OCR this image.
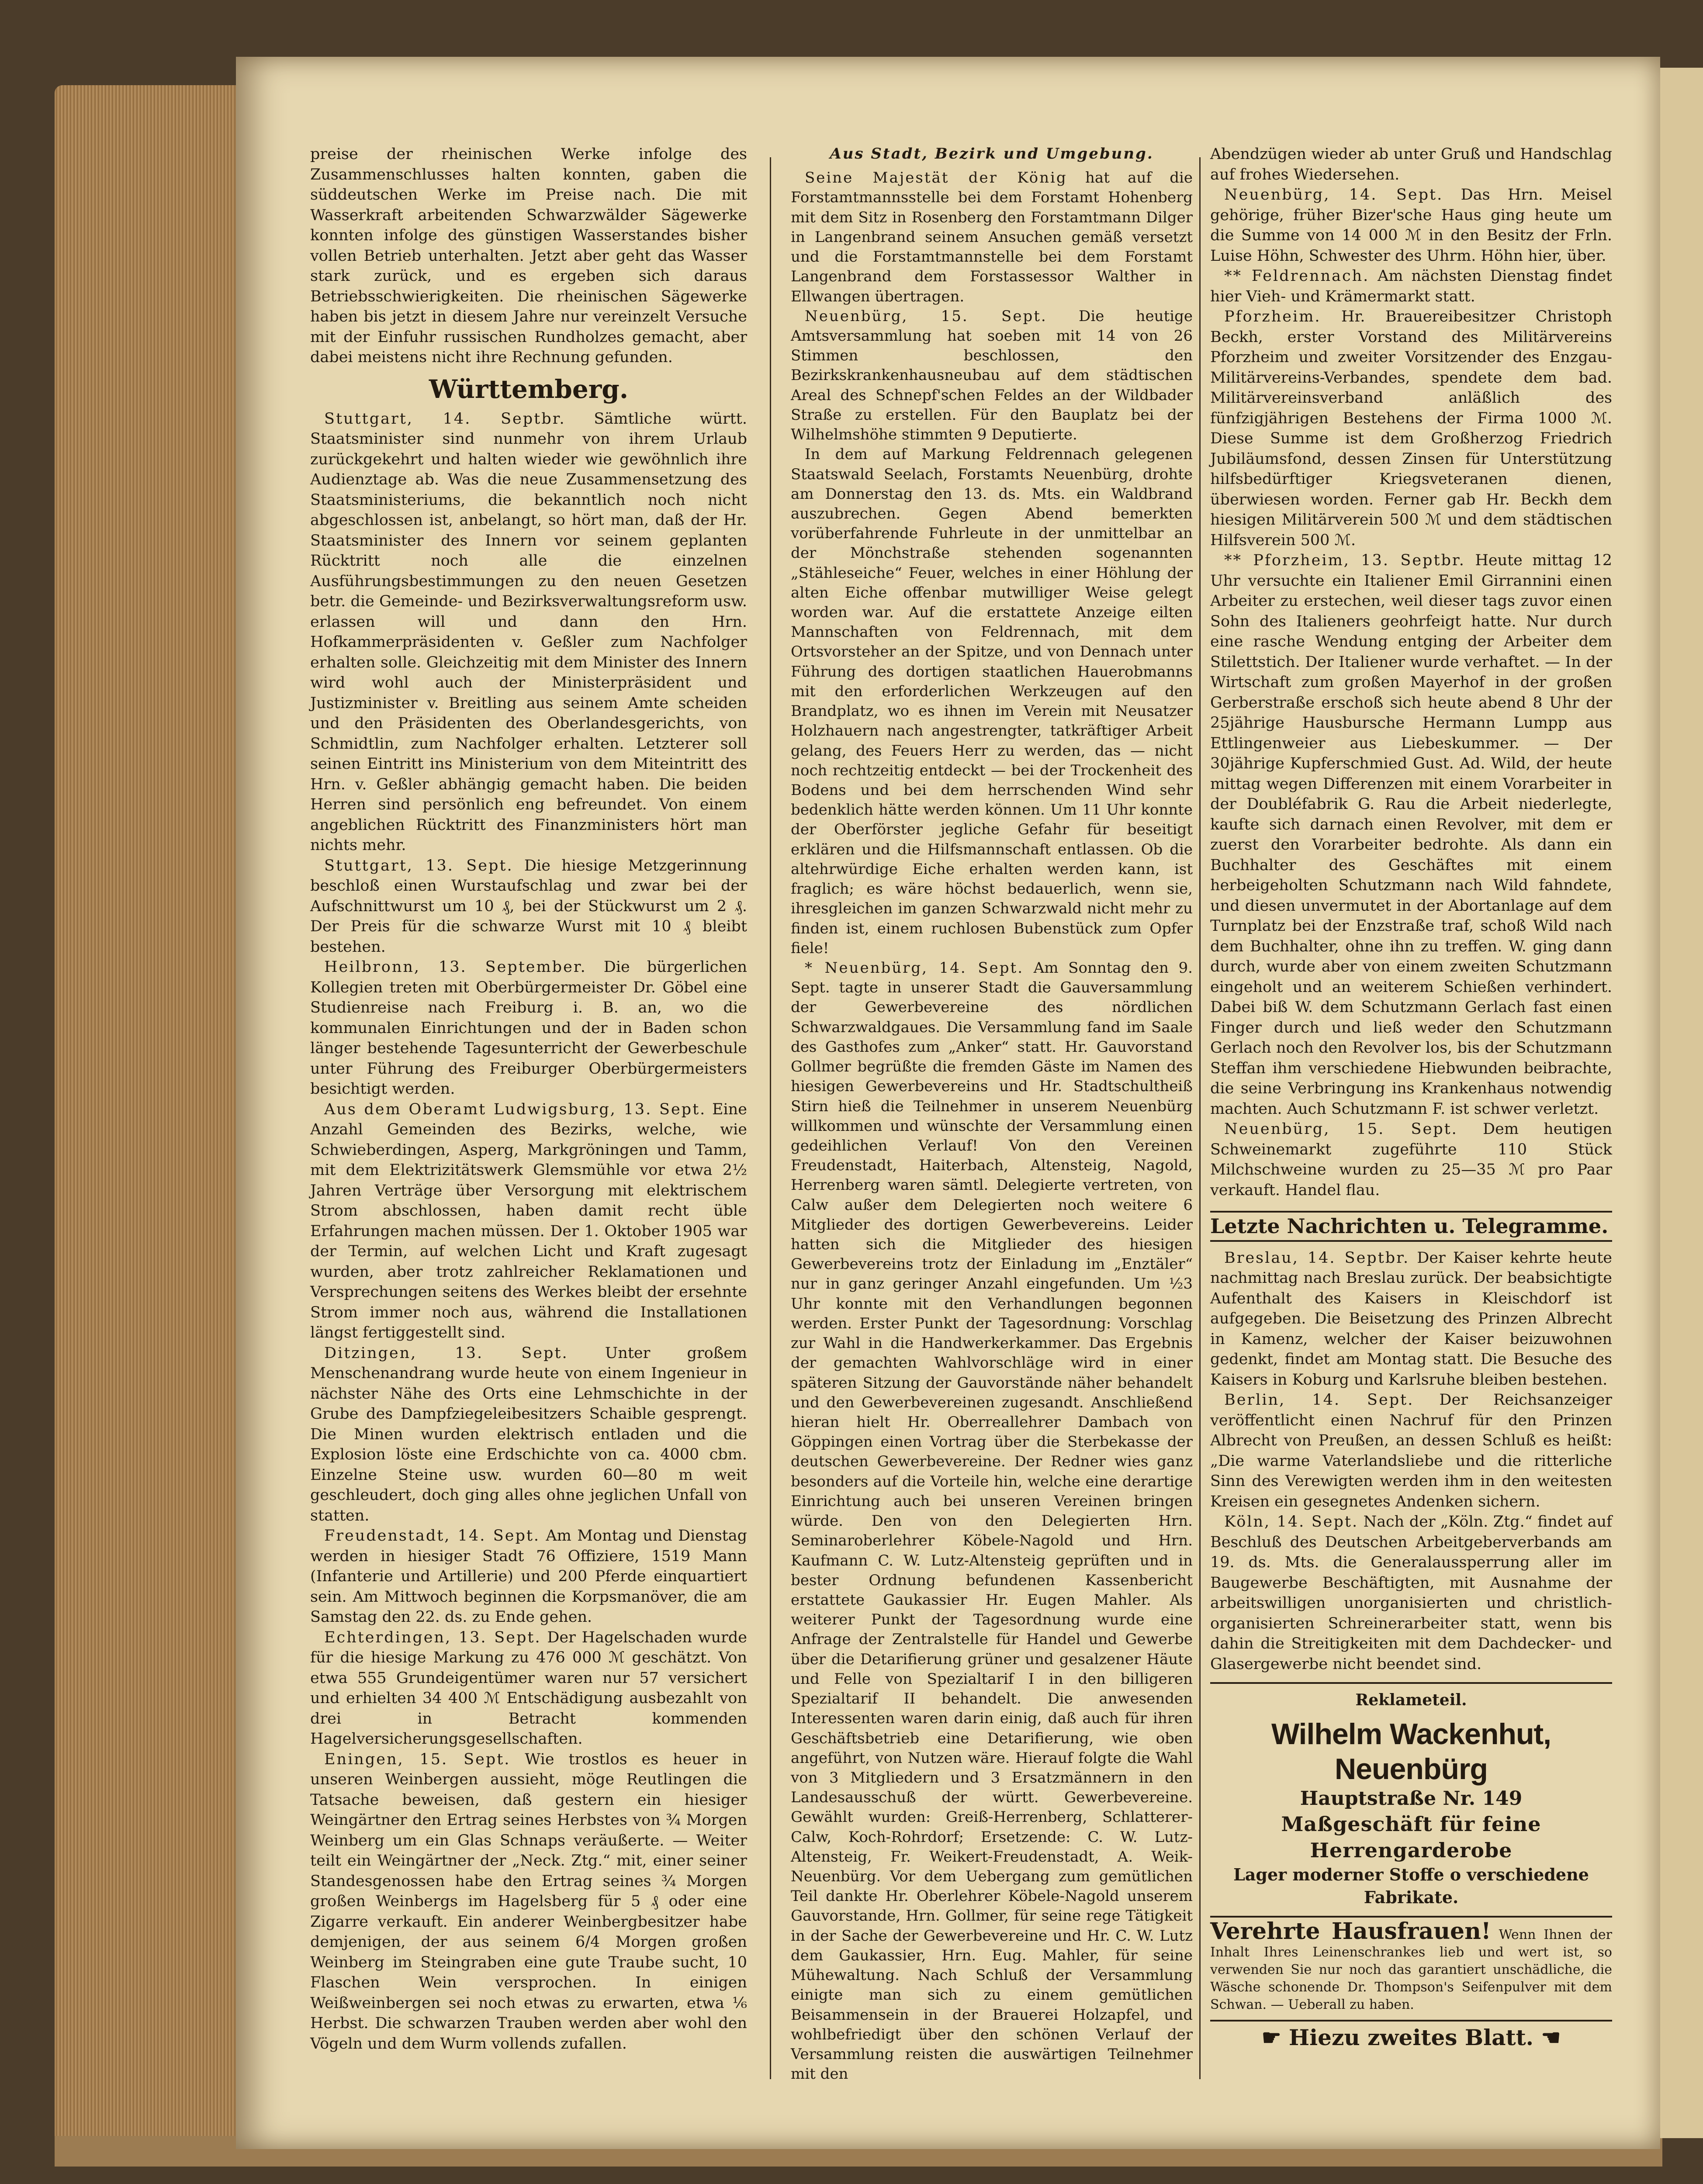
preise der rheinischen Werke infolge des Zusammenschlusses halten konnten, gaben die süddeutschen Werke im Preise nach. Die mit Wasserkraft arbeitenden Schwarzwälder Sägewerke konnten infolge des günstigen Wasserstandes bisher vollen Betrieb unterhalten. Jetzt aber geht das Wasser stark zurück, und es ergeben sich daraus Betriebsschwierigkeiten. Die rheinischen Sägewerke haben bis jetzt in diesem Jahre nur vereinzelt Versuche mit der Einfuhr russischen Rundholzes gemacht, aber dabei meistens nicht ihre Rechnung gefunden.

Württemberg.

Stuttgart, 14. Septbr. Sämtliche württ. Staatsminister sind nunmehr von ihrem Urlaub zurückgekehrt und halten wieder wie gewöhnlich ihre Audienztage ab. Was die neue Zusammensetzung des Staatsministeriums, die bekanntlich noch nicht abgeschlossen ist, anbelangt, so hört man, daß der Hr. Staatsminister des Innern vor seinem geplanten Rücktritt noch alle die einzelnen Ausführungsbestimmungen zu den neuen Gesetzen betr. die Gemeinde- und Bezirksverwaltungsreform usw. erlassen will und dann den Hrn. Hofkammerpräsidenten v. Geßler zum Nachfolger erhalten solle. Gleichzeitig mit dem Minister des Innern wird wohl auch der Ministerpräsident und Justizminister v. Breitling aus seinem Amte scheiden und den Präsidenten des Oberlandesgerichts, von Schmidtlin, zum Nachfolger erhalten. Letzterer soll seinen Eintritt ins Ministerium von dem Miteintritt des Hrn. v. Geßler abhängig gemacht haben. Die beiden Herren sind persönlich eng befreundet. Von einem angeblichen Rücktritt des Finanzministers hört man nichts mehr.

Stuttgart, 13. Sept. Die hiesige Metzgerinnung beschloß einen Wurstaufschlag und zwar bei der Aufschnittwurst um 10 ₰, bei der Stückwurst um 2 ₰. Der Preis für die schwarze Wurst mit 10 ₰ bleibt bestehen.

Heilbronn, 13. September. Die bürgerlichen Kollegien treten mit Oberbürgermeister Dr. Göbel eine Studienreise nach Freiburg i. B. an, wo die kommunalen Einrichtungen und der in Baden schon länger bestehende Tagesunterricht der Gewerbeschule unter Führung des Freiburger Oberbürgermeisters besichtigt werden.

Aus dem Oberamt Ludwigsburg, 13. Sept. Eine Anzahl Gemeinden des Bezirks, welche, wie Schwieberdingen, Asperg, Markgröningen und Tamm, mit dem Elektrizitätswerk Glemsmühle vor etwa 2½ Jahren Verträge über Versorgung mit elektrischem Strom abschlossen, haben damit recht üble Erfahrungen machen müssen. Der 1. Oktober 1905 war der Termin, auf welchen Licht und Kraft zugesagt wurden, aber trotz zahlreicher Reklamationen und Versprechungen seitens des Werkes bleibt der ersehnte Strom immer noch aus, während die Installationen längst fertiggestellt sind.

Ditzingen, 13. Sept. Unter großem Menschenandrang wurde heute von einem Ingenieur in nächster Nähe des Orts eine Lehmschichte in der Grube des Dampfziegeleibesitzers Schaible gesprengt. Die Minen wurden elektrisch entladen und die Explosion löste eine Erdschichte von ca. 4000 cbm. Einzelne Steine usw. wurden 60—80 m weit geschleudert, doch ging alles ohne jeglichen Unfall von statten.

Freudenstadt, 14. Sept. Am Montag und Dienstag werden in hiesiger Stadt 76 Offiziere, 1519 Mann (Infanterie und Artillerie) und 200 Pferde einquartiert sein. Am Mittwoch beginnen die Korpsmanöver, die am Samstag den 22. ds. zu Ende gehen.

Echterdingen, 13. Sept. Der Hagelschaden wurde für die hiesige Markung zu 476 000 ℳ geschätzt. Von etwa 555 Grundeigentümer waren nur 57 versichert und erhielten 34 400 ℳ Entschädigung ausbezahlt von drei in Betracht kommenden Hagelversicherungsgesellschaften.

Eningen, 15. Sept. Wie trostlos es heuer in unseren Weinbergen aussieht, möge Reutlingen die Tatsache beweisen, daß gestern ein hiesiger Weingärtner den Ertrag seines Herbstes von ¾ Morgen Weinberg um ein Glas Schnaps veräußerte. — Weiter teilt ein Weingärtner der „Neck. Ztg.“ mit, einer seiner Standesgenossen habe den Ertrag seines ¾ Morgen großen Weinbergs im Hagelsberg für 5 ₰ oder eine Zigarre verkauft. Ein anderer Weinbergbesitzer habe demjenigen, der aus seinem 6/4 Morgen großen Weinberg im Steingraben eine gute Traube sucht, 10 Flaschen Wein versprochen. In einigen Weißweinbergen sei noch etwas zu erwarten, etwa ⅙ Herbst. Die schwarzen Trauben werden aber wohl den Vögeln und dem Wurm vollends zufallen.

Aus Stadt, Bezirk und Umgebung.

Seine Majestät der König hat auf die Forstamtmannsstelle bei dem Forstamt Hohenberg mit dem Sitz in Rosenberg den Forstamtmann Dilger in Langenbrand seinem Ansuchen gemäß versetzt und die Forstamtmannstelle bei dem Forstamt Langenbrand dem Forstassessor Walther in Ellwangen übertragen.

Neuenbürg, 15. Sept. Die heutige Amtsversammlung hat soeben mit 14 von 26 Stimmen beschlossen, den Bezirkskrankenhausneubau auf dem städtischen Areal des Schnepf'schen Feldes an der Wildbader Straße zu erstellen. Für den Bauplatz bei der Wilhelmshöhe stimmten 9 Deputierte.

In dem auf Markung Feldrennach gelegenen Staatswald Seelach, Forstamts Neuenbürg, drohte am Donnerstag den 13. ds. Mts. ein Waldbrand auszubrechen. Gegen Abend bemerkten vorüberfahrende Fuhrleute in der unmittelbar an der Mönchstraße stehenden sogenannten „Stähleseiche“ Feuer, welches in einer Höhlung der alten Eiche offenbar mutwilliger Weise gelegt worden war. Auf die erstattete Anzeige eilten Mannschaften von Feldrennach, mit dem Ortsvorsteher an der Spitze, und von Dennach unter Führung des dortigen staatlichen Hauerobmanns mit den erforderlichen Werkzeugen auf den Brandplatz, wo es ihnen im Verein mit Neusatzer Holzhauern nach angestrengter, tatkräftiger Arbeit gelang, des Feuers Herr zu werden, das — nicht noch rechtzeitig entdeckt — bei der Trockenheit des Bodens und bei dem herrschenden Wind sehr bedenklich hätte werden können. Um 11 Uhr konnte der Oberförster jegliche Gefahr für beseitigt erklären und die Hilfsmannschaft entlassen. Ob die altehrwürdige Eiche erhalten werden kann, ist fraglich; es wäre höchst bedauerlich, wenn sie, ihresgleichen im ganzen Schwarzwald nicht mehr zu finden ist, einem ruchlosen Bubenstück zum Opfer fiele!

* Neuenbürg, 14. Sept. Am Sonntag den 9. Sept. tagte in unserer Stadt die Gauversammlung der Gewerbevereine des nördlichen Schwarzwaldgaues. Die Versammlung fand im Saale des Gasthofes zum „Anker“ statt. Hr. Gauvorstand Gollmer begrüßte die fremden Gäste im Namen des hiesigen Gewerbevereins und Hr. Stadtschultheiß Stirn hieß die Teilnehmer in unserem Neuenbürg willkommen und wünschte der Versammlung einen gedeihlichen Verlauf! Von den Vereinen Freudenstadt, Haiterbach, Altensteig, Nagold, Herrenberg waren sämtl. Delegierte vertreten, von Calw außer dem Delegierten noch weitere 6 Mitglieder des dortigen Gewerbevereins. Leider hatten sich die Mitglieder des hiesigen Gewerbevereins trotz der Einladung im „Enztäler“ nur in ganz geringer Anzahl eingefunden. Um ½3 Uhr konnte mit den Verhandlungen begonnen werden. Erster Punkt der Tagesordnung: Vorschlag zur Wahl in die Handwerkerkammer. Das Ergebnis der gemachten Wahlvorschläge wird in einer späteren Sitzung der Gauvorstände näher behandelt und den Gewerbevereinen zugesandt. Anschließend hieran hielt Hr. Oberreallehrer Dambach von Göppingen einen Vortrag über die Sterbekasse der deutschen Gewerbevereine. Der Redner wies ganz besonders auf die Vorteile hin, welche eine derartige Einrichtung auch bei unseren Vereinen bringen würde. Den von den Delegierten Hrn. Seminaroberlehrer Köbele-Nagold und Hrn. Kaufmann C. W. Lutz-Altensteig geprüften und in bester Ordnung befundenen Kassenbericht erstattete Gaukassier Hr. Eugen Mahler. Als weiterer Punkt der Tagesordnung wurde eine Anfrage der Zentralstelle für Handel und Gewerbe über die Detarifierung grüner und gesalzener Häute und Felle von Spezialtarif I in den billigeren Spezialtarif II behandelt. Die anwesenden Interessenten waren darin einig, daß auch für ihren Geschäftsbetrieb eine Detarifierung, wie oben angeführt, von Nutzen wäre. Hierauf folgte die Wahl von 3 Mitgliedern und 3 Ersatzmännern in den Landesausschuß der württ. Gewerbevereine. Gewählt wurden: Greiß-Herrenberg, Schlatterer-Calw, Koch-Rohrdorf; Ersetzende: C. W. Lutz-Altensteig, Fr. Weikert-Freudenstadt, A. Weik-Neuenbürg. Vor dem Uebergang zum gemütlichen Teil dankte Hr. Oberlehrer Köbele-Nagold unserem Gauvorstande, Hrn. Gollmer, für seine rege Tätigkeit in der Sache der Gewerbevereine und Hr. C. W. Lutz dem Gaukassier, Hrn. Eug. Mahler, für seine Mühewaltung. Nach Schluß der Versammlung einigte man sich zu einem gemütlichen Beisammensein in der Brauerei Holzapfel, und wohlbefriedigt über den schönen Verlauf der Versammlung reisten die auswärtigen Teilnehmer mit den

Abendzügen wieder ab unter Gruß und Handschlag auf frohes Wiedersehen.

Neuenbürg, 14. Sept. Das Hrn. Meisel gehörige, früher Bizer'sche Haus ging heute um die Summe von 14 000 ℳ in den Besitz der Frln. Luise Höhn, Schwester des Uhrm. Höhn hier, über.

** Feldrennach. Am nächsten Dienstag findet hier Vieh- und Krämermarkt statt.

Pforzheim. Hr. Brauereibesitzer Christoph Beckh, erster Vorstand des Militärvereins Pforzheim und zweiter Vorsitzender des Enzgau-Militärvereins-Verbandes, spendete dem bad. Militärvereinsverband anläßlich des fünfzigjährigen Bestehens der Firma 1000 ℳ. Diese Summe ist dem Großherzog Friedrich Jubiläumsfond, dessen Zinsen für Unterstützung hilfsbedürftiger Kriegsveteranen dienen, überwiesen worden. Ferner gab Hr. Beckh dem hiesigen Militärverein 500 ℳ und dem städtischen Hilfsverein 500 ℳ.

** Pforzheim, 13. Septbr. Heute mittag 12 Uhr versuchte ein Italiener Emil Girrannini einen Arbeiter zu erstechen, weil dieser tags zuvor einen Sohn des Italieners geohrfeigt hatte. Nur durch eine rasche Wendung entging der Arbeiter dem Stilettstich. Der Italiener wurde verhaftet. — In der Wirtschaft zum großen Mayerhof in der großen Gerberstraße erschoß sich heute abend 8 Uhr der 25jährige Hausbursche Hermann Lumpp aus Ettlingenweier aus Liebeskummer. — Der 30jährige Kupferschmied Gust. Ad. Wild, der heute mittag wegen Differenzen mit einem Vorarbeiter in der Doubléfabrik G. Rau die Arbeit niederlegte, kaufte sich darnach einen Revolver, mit dem er zuerst den Vorarbeiter bedrohte. Als dann ein Buchhalter des Geschäftes mit einem herbeigeholten Schutzmann nach Wild fahndete, und diesen unvermutet in der Abortanlage auf dem Turnplatz bei der Enzstraße traf, schoß Wild nach dem Buchhalter, ohne ihn zu treffen. W. ging dann durch, wurde aber von einem zweiten Schutzmann eingeholt und an weiterem Schießen verhindert. Dabei biß W. dem Schutzmann Gerlach fast einen Finger durch und ließ weder den Schutzmann Gerlach noch den Revolver los, bis der Schutzmann Steffan ihm verschiedene Hiebwunden beibrachte, die seine Verbringung ins Krankenhaus notwendig machten. Auch Schutzmann F. ist schwer verletzt.

Neuenbürg, 15. Sept. Dem heutigen Schweinemarkt zugeführte 110 Stück Milchschweine wurden zu 25—35 ℳ pro Paar verkauft. Handel flau.

Letzte Nachrichten u. Telegramme.

Breslau, 14. Septbr. Der Kaiser kehrte heute nachmittag nach Breslau zurück. Der beabsichtigte Aufenthalt des Kaisers in Kleischdorf ist aufgegeben. Die Beisetzung des Prinzen Albrecht in Kamenz, welcher der Kaiser beizuwohnen gedenkt, findet am Montag statt. Die Besuche des Kaisers in Koburg und Karlsruhe bleiben bestehen.

Berlin, 14. Sept. Der Reichsanzeiger veröffentlicht einen Nachruf für den Prinzen Albrecht von Preußen, an dessen Schluß es heißt: „Die warme Vaterlandsliebe und die ritterliche Sinn des Verewigten werden ihm in den weitesten Kreisen ein gesegnetes Andenken sichern.

Köln, 14. Sept. Nach der „Köln. Ztg.“ findet auf Beschluß des Deutschen Arbeitgeberverbands am 19. ds. Mts. die Generalaussperrung aller im Baugewerbe Beschäftigten, mit Ausnahme der arbeitswilligen unorganisierten und christlich-organisierten Schreinerarbeiter statt, wenn bis dahin die Streitigkeiten mit dem Dachdecker- und Glasergewerbe nicht beendet sind.

Reklameteil.
Wilhelm Wackenhut, Neuenbürg
Hauptstraße Nr. 149
Maßgeschäft für feine Herrengarderobe
Lager moderner Stoffe o verschiedene Fabrikate.
Verehrte Hausfrauen! Wenn Ihnen der Inhalt Ihres Leinenschrankes lieb und wert ist, so verwenden Sie nur noch das garantiert unschädliche, die Wäsche schonende Dr. Thompson's Seifenpulver mit dem Schwan. — Ueberall zu haben.
☛ Hiezu zweites Blatt. ☚
